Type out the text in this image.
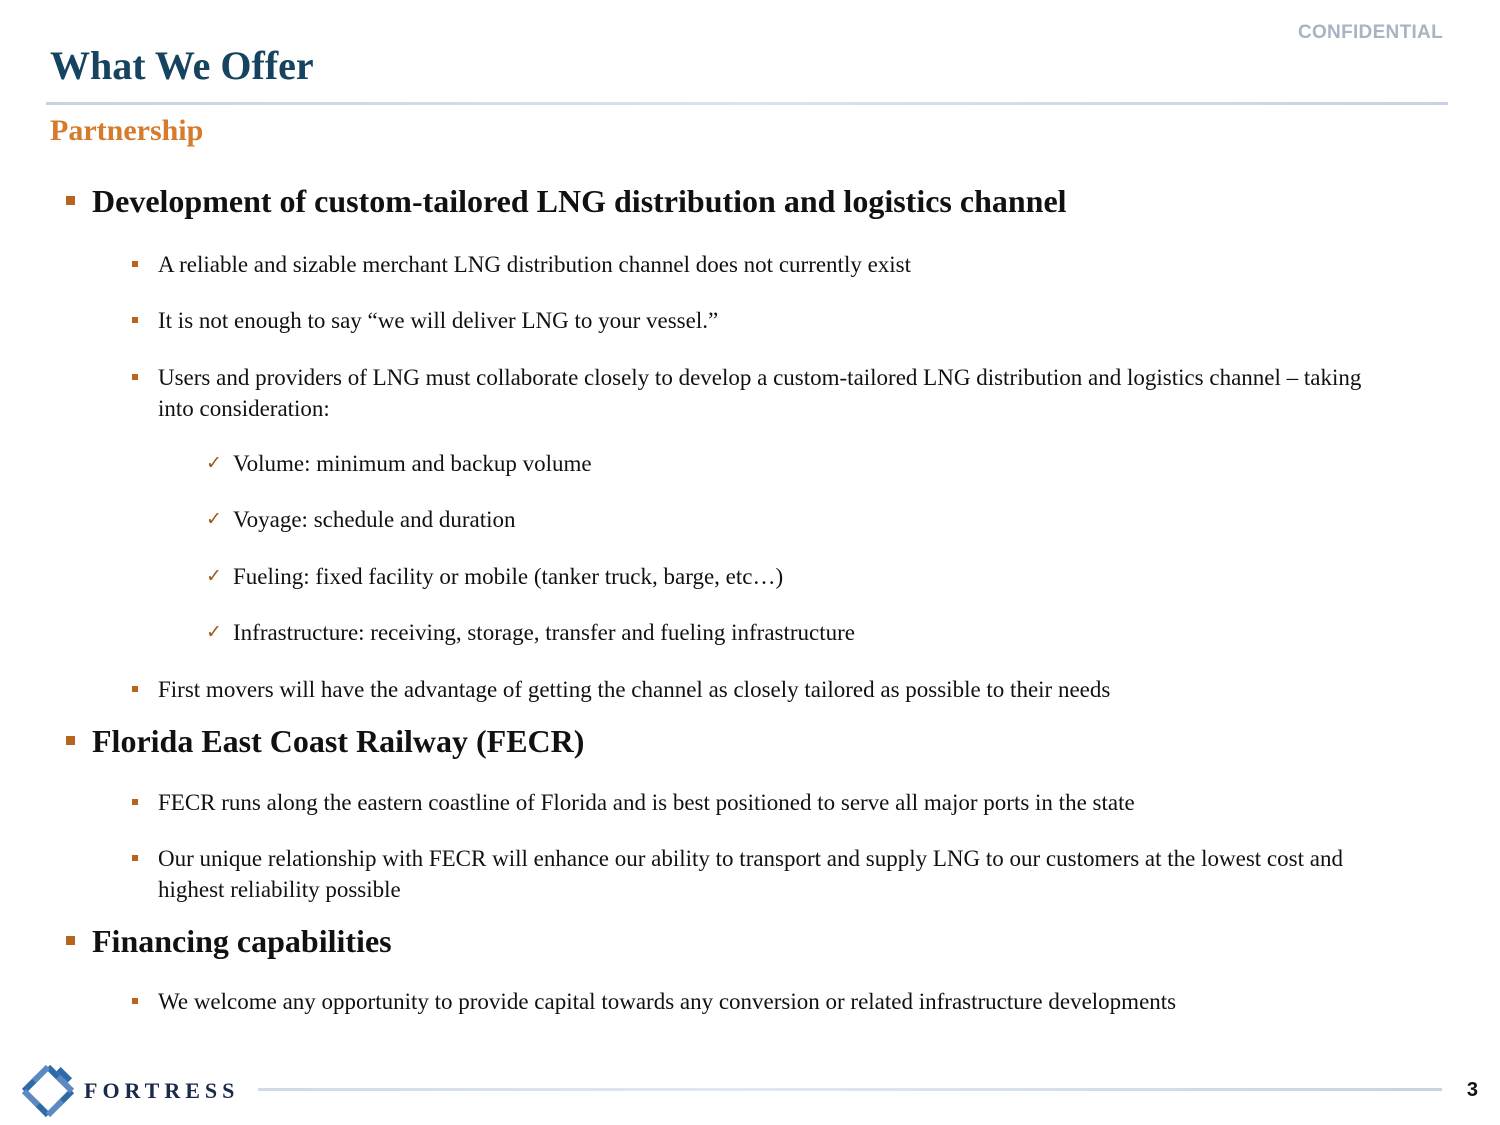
CONFIDENTIAL
What We Offer
Partnership
Development of custom-tailored LNG distribution and logistics channel
A reliable and sizable merchant LNG distribution channel does not currently exist
It is not enough to say “we will deliver LNG to your vessel.”
Users and providers of LNG must collaborate closely to develop a custom-tailored LNG distribution and logistics channel – taking into consideration:
✓ Volume: minimum and backup volume
✓ Voyage: schedule and duration
✓ Fueling: fixed facility or mobile (tanker truck, barge, etc…)
✓ Infrastructure: receiving, storage, transfer and fueling infrastructure
First movers will have the advantage of getting the channel as closely tailored as possible to their needs
Florida East Coast Railway (FECR)
FECR runs along the eastern coastline of Florida and is best positioned to serve all major ports in the state
Our unique relationship with FECR will enhance our ability to transport and supply LNG to our customers at the lowest cost and highest reliability possible
Financing capabilities
We welcome any opportunity to provide capital towards any conversion or related infrastructure developments
FORTRESS	3
